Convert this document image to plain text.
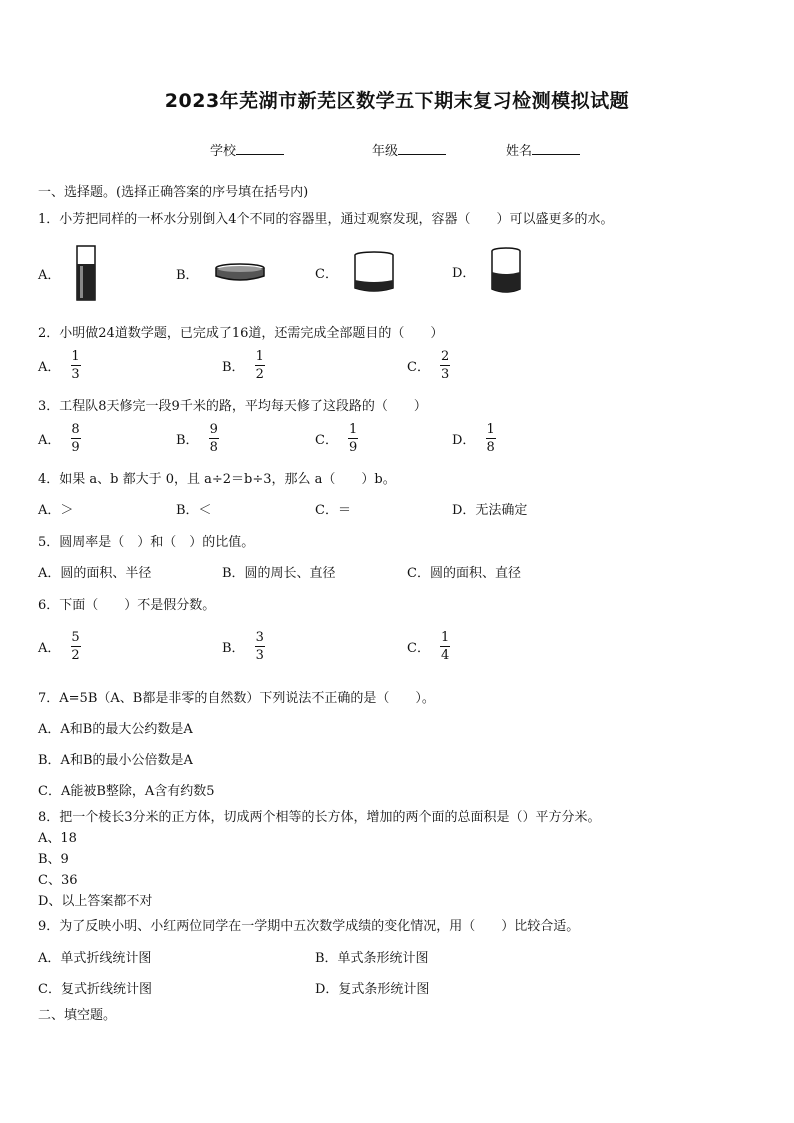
2023年芜湖市新芜区数学五下期末复习检测模拟试题
学校	年级	姓名
一、选择题。(选择正确答案的序号填在括号内)
1．小芳把同样的一杯水分别倒入4个不同的容器里，通过观察发现，容器（　　）可以盛更多的水。
A．	B．	C．	D．
2．小明做24道数学题，已完成了16道，还需完成全部题目的（　　）
A． $\frac{1}{3}$	B． $\frac{1}{2}$	C． $\frac{2}{3}$
3．工程队8天修完一段9千米的路，平均每天修了这段路的（　　）
A． $\frac{8}{9}$	B． $\frac{9}{8}$	C． $\frac{1}{9}$	D． $\frac{1}{8}$
4．如果 a、b 都大于 0，且 a÷2＝b÷3，那么 a（　　）b。
A．＞	B．＜	C．＝	D．无法确定
5．圆周率是（　）和（　）的比值。
A．圆的面积、半径	B．圆的周长、直径	C．圆的面积、直径
6．下面（　　）不是假分数。
A． $\frac{5}{2}$	B． $\frac{3}{3}$	C． $\frac{1}{4}$
7．A=5B（A、B都是非零的自然数）下列说法不正确的是（　　）。
A．A和B的最大公约数是A
B．A和B的最小公倍数是A
C．A能被B整除，A含有约数5
8．把一个棱长3分米的正方体，切成两个相等的长方体，增加的两个面的总面积是（）平方分米。
A、18
B、9
C、36
D、以上答案都不对
9．为了反映小明、小红两位同学在一学期中五次数学成绩的变化情况，用（　　）比较合适。
A．单式折线统计图	B．单式条形统计图
C．复式折线统计图	D．复式条形统计图
二、填空题。
